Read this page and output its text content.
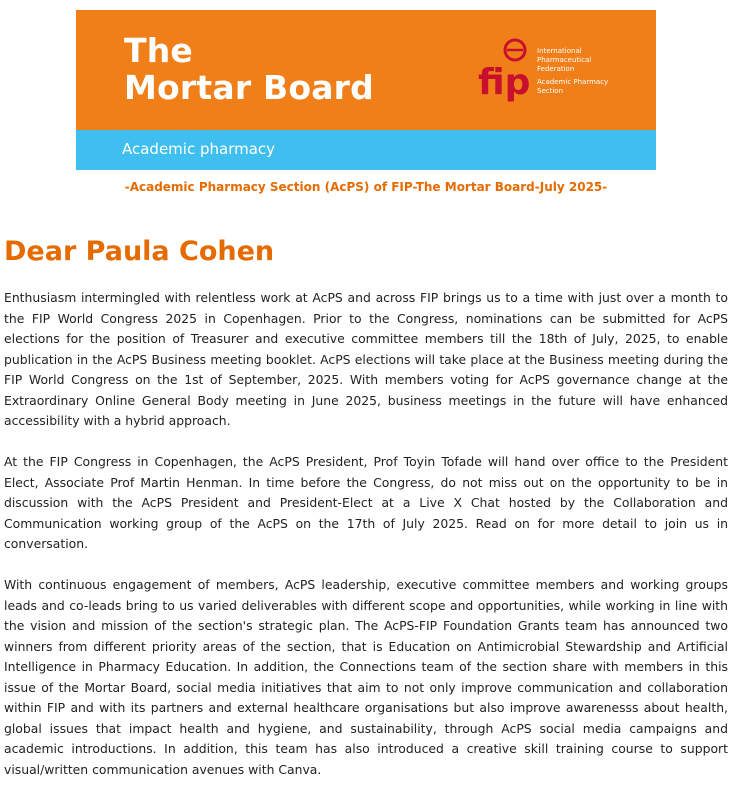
The
Mortar Board
Academic pharmacy
fip
International
Pharmaceutical
Federation
Academic Pharmacy
Section
-Academic Pharmacy Section (AcPS) of FIP-The Mortar Board-July 2025-
Dear Paula Cohen

Enthusiasm intermingled with relentless work at AcPS and across FIP brings us to a time with just over a month to the FIP World Congress 2025 in Copenhagen. Prior to the Congress, nominations can be submitted for AcPS elections for the position of Treasurer and executive committee members till the 18th of July, 2025, to enable publication in the AcPS Business meeting booklet. AcPS elections will take place at the Business meeting during the FIP World Congress on the 1st of September, 2025. With members voting for AcPS governance change at the Extraordinary Online General Body meeting in June 2025, business meetings in the future will have enhanced accessibility with a hybrid approach.

At the FIP Congress in Copenhagen, the AcPS President, Prof Toyin Tofade will hand over office to the President Elect, Associate Prof Martin Henman. In time before the Congress, do not miss out on the opportunity to be in discussion with the AcPS President and President-Elect at a Live X Chat hosted by the Collaboration and Communication working group of the AcPS on the 17th of July 2025. Read on for more detail to join us in conversation.

With continuous engagement of members, AcPS leadership, executive committee members and working groups leads and co-leads bring to us varied deliverables with different scope and opportunities, while working in line with the vision and mission of the section's strategic plan. The AcPS-FIP Foundation Grants team has announced two winners from different priority areas of the section, that is Education on Antimicrobial Stewardship and Artificial Intelligence in Pharmacy Education. In addition, the Connections team of the section share with members in this issue of the Mortar Board, social media initiatives that aim to not only improve communication and collaboration within FIP and with its partners and external healthcare organisations but also improve awarenesss about health, global issues that impact health and hygiene, and sustainability, through AcPS social media campaigns and academic introductions. In addition, this team has also introduced a creative skill training course to support visual/written communication avenues with Canva.
